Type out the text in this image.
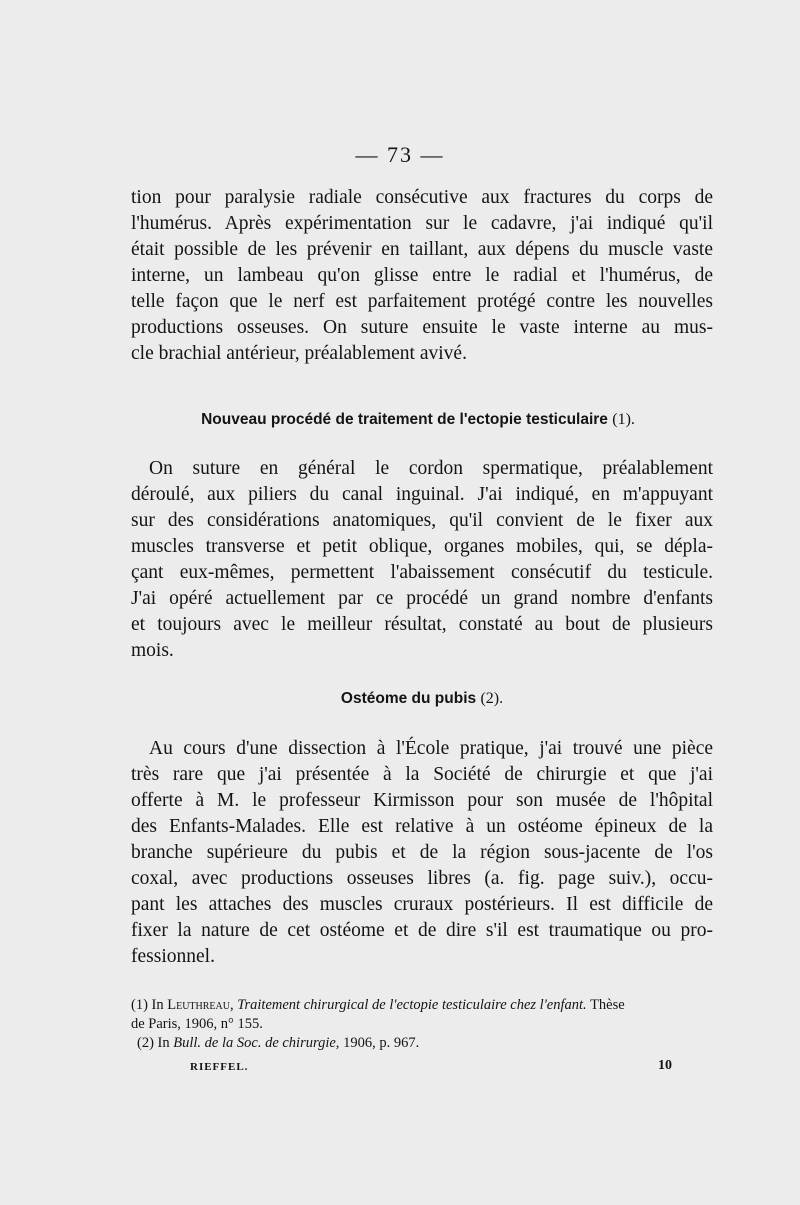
— 73 —

tion pour paralysie radiale consécutive aux fractures du corps de
l'humérus. Après expérimentation sur le cadavre, j'ai indiqué qu'il
était possible de les prévenir en taillant, aux dépens du muscle vaste
interne, un lambeau qu'on glisse entre le radial et l'humérus, de
telle façon que le nerf est parfaitement protégé contre les nouvelles
productions osseuses. On suture ensuite le vaste interne au mus-
cle brachial antérieur, préalablement avivé.

Nouveau procédé de traitement de l'ectopie testiculaire (1).

On suture en général le cordon spermatique, préalablement
déroulé, aux piliers du canal inguinal. J'ai indiqué, en m'appuyant
sur des considérations anatomiques, qu'il convient de le fixer aux
muscles transverse et petit oblique, organes mobiles, qui, se dépla-
çant eux-mêmes, permettent l'abaissement consécutif du testicule.
J'ai opéré actuellement par ce procédé un grand nombre d'enfants
et toujours avec le meilleur résultat, constaté au bout de plusieurs
mois.

Ostéome du pubis (2).

Au cours d'une dissection à l'École pratique, j'ai trouvé une pièce
très rare que j'ai présentée à la Société de chirurgie et que j'ai
offerte à M. le professeur Kirmisson pour son musée de l'hôpital
des Enfants-Malades. Elle est relative à un ostéome épineux de la
branche supérieure du pubis et de la région sous-jacente de l'os
coxal, avec productions osseuses libres (a. fig. page suiv.), occu-
pant les attaches des muscles cruraux postérieurs. Il est difficile de
fixer la nature de cet ostéome et de dire s'il est traumatique ou pro-
fessionnel.

(1) In Leuthreau, Traitement chirurgical de l'ectopie testiculaire chez l'enfant. Thèse
de Paris, 1906, n° 155.
(2) In Bull. de la Soc. de chirurgie, 1906, p. 967.
RIEFFEL.	10
